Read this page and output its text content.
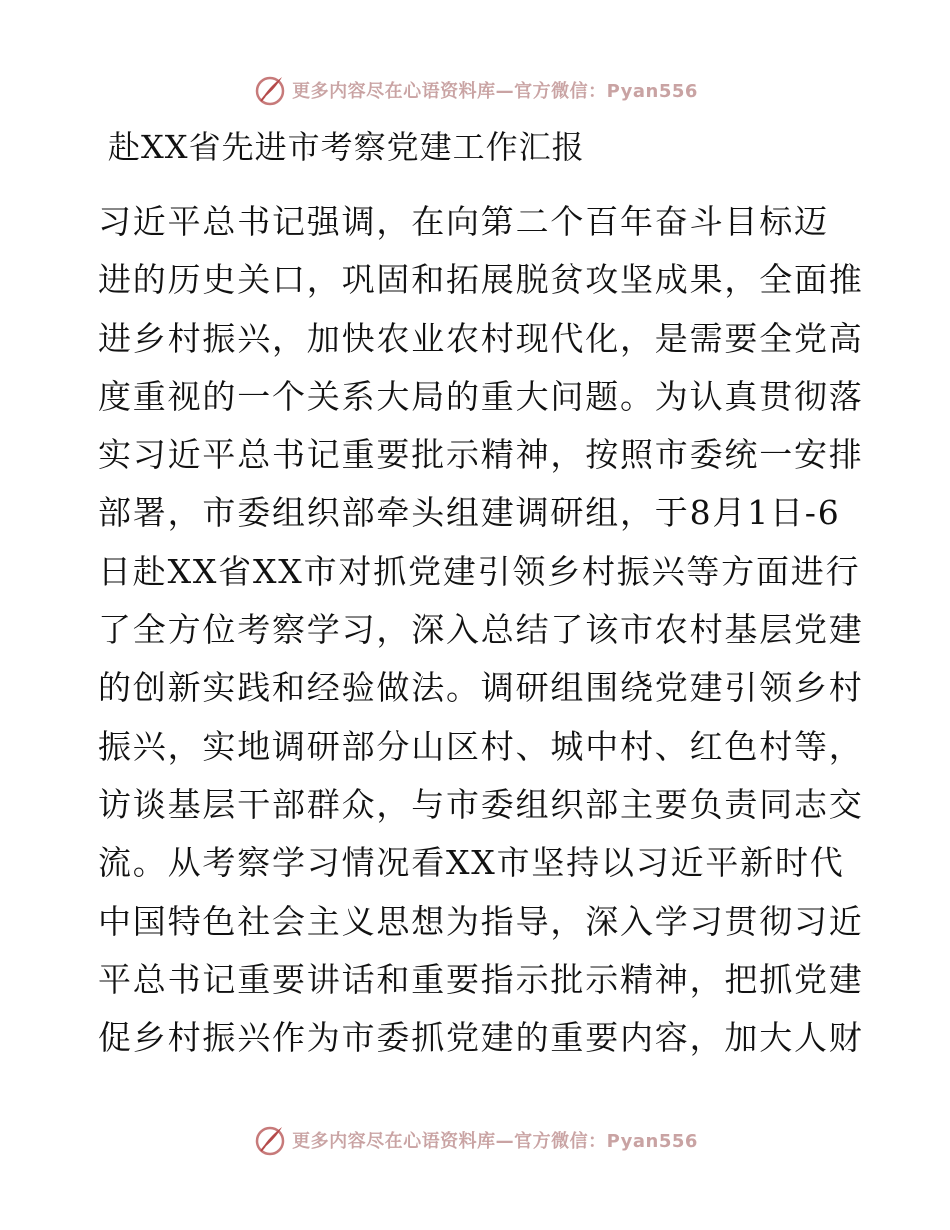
更多内容尽在心语资料库—官方微信：Pyan556
赴XX省先进市考察党建工作汇报
习近平总书记强调，在向第二个百年奋斗目标迈
进的历史关口，巩固和拓展脱贫攻坚成果，全面推
进乡村振兴，加快农业农村现代化，是需要全党高
度重视的一个关系大局的重大问题。为认真贯彻落
实习近平总书记重要批示精神，按照市委统一安排
部署，市委组织部牵头组建调研组，于8月1日-6
日赴XX省XX市对抓党建引领乡村振兴等方面进行
了全方位考察学习，深入总结了该市农村基层党建
的创新实践和经验做法。调研组围绕党建引领乡村
振兴，实地调研部分山区村、城中村、红色村等，
访谈基层干部群众，与市委组织部主要负责同志交
流。从考察学习情况看XX市坚持以习近平新时代
中国特色社会主义思想为指导，深入学习贯彻习近
平总书记重要讲话和重要指示批示精神，把抓党建
促乡村振兴作为市委抓党建的重要内容，加大人财
更多内容尽在心语资料库—官方微信：Pyan556
